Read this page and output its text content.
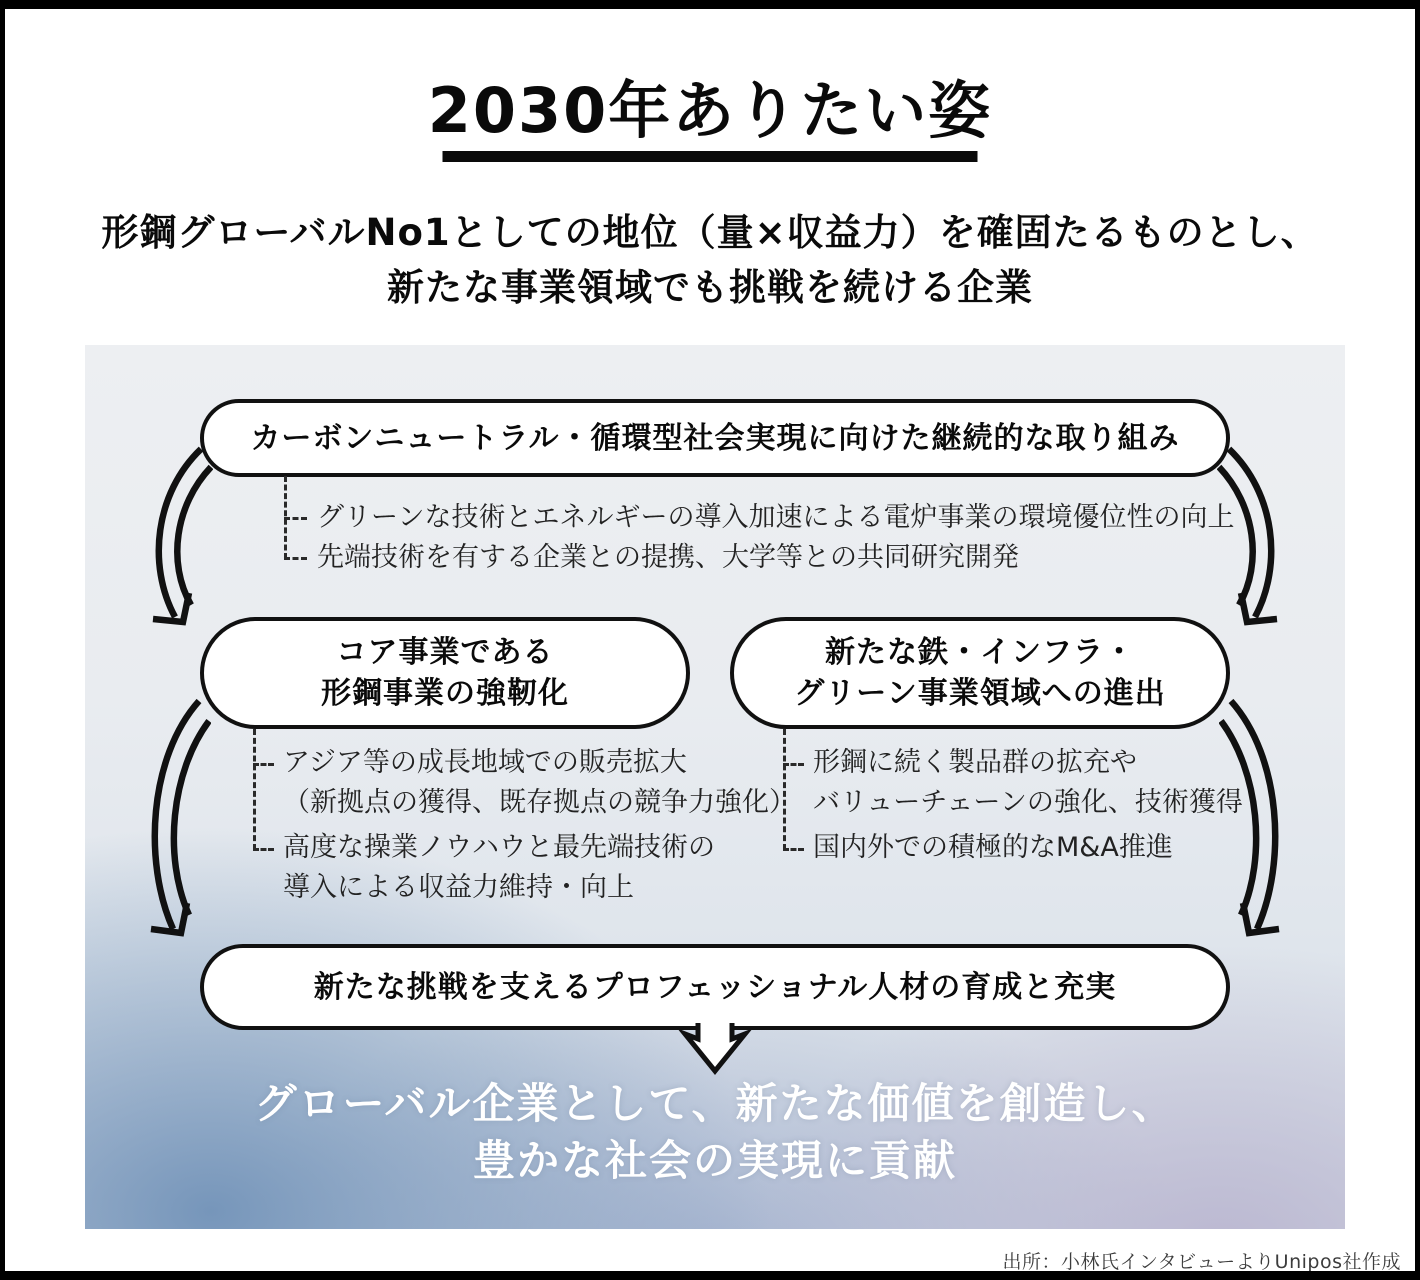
2030年ありたい姿
形鋼グローバルNo1としての地位（量×収益力）を確固たるものとし、
新たな事業領域でも挑戦を続ける企業
カーボンニュートラル・循環型社会実現に向けた継続的な取り組み
グリーンな技術とエネルギーの導入加速による電炉事業の環境優位性の向上
先端技術を有する企業との提携、大学等との共同研究開発
コア事業である
形鋼事業の強靭化
新たな鉄・インフラ・
グリーン事業領域への進出
アジア等の成長地域での販売拡大
（新拠点の獲得、既存拠点の競争力強化）
高度な操業ノウハウと最先端技術の
導入による収益力維持・向上
形鋼に続く製品群の拡充や
バリューチェーンの強化、技術獲得
国内外での積極的なM&A推進
新たな挑戦を支えるプロフェッショナル人材の育成と充実
グローバル企業として、新たな価値を創造し、
豊かな社会の実現に貢献
出所：小林氏インタビューよりUnipos社作成
